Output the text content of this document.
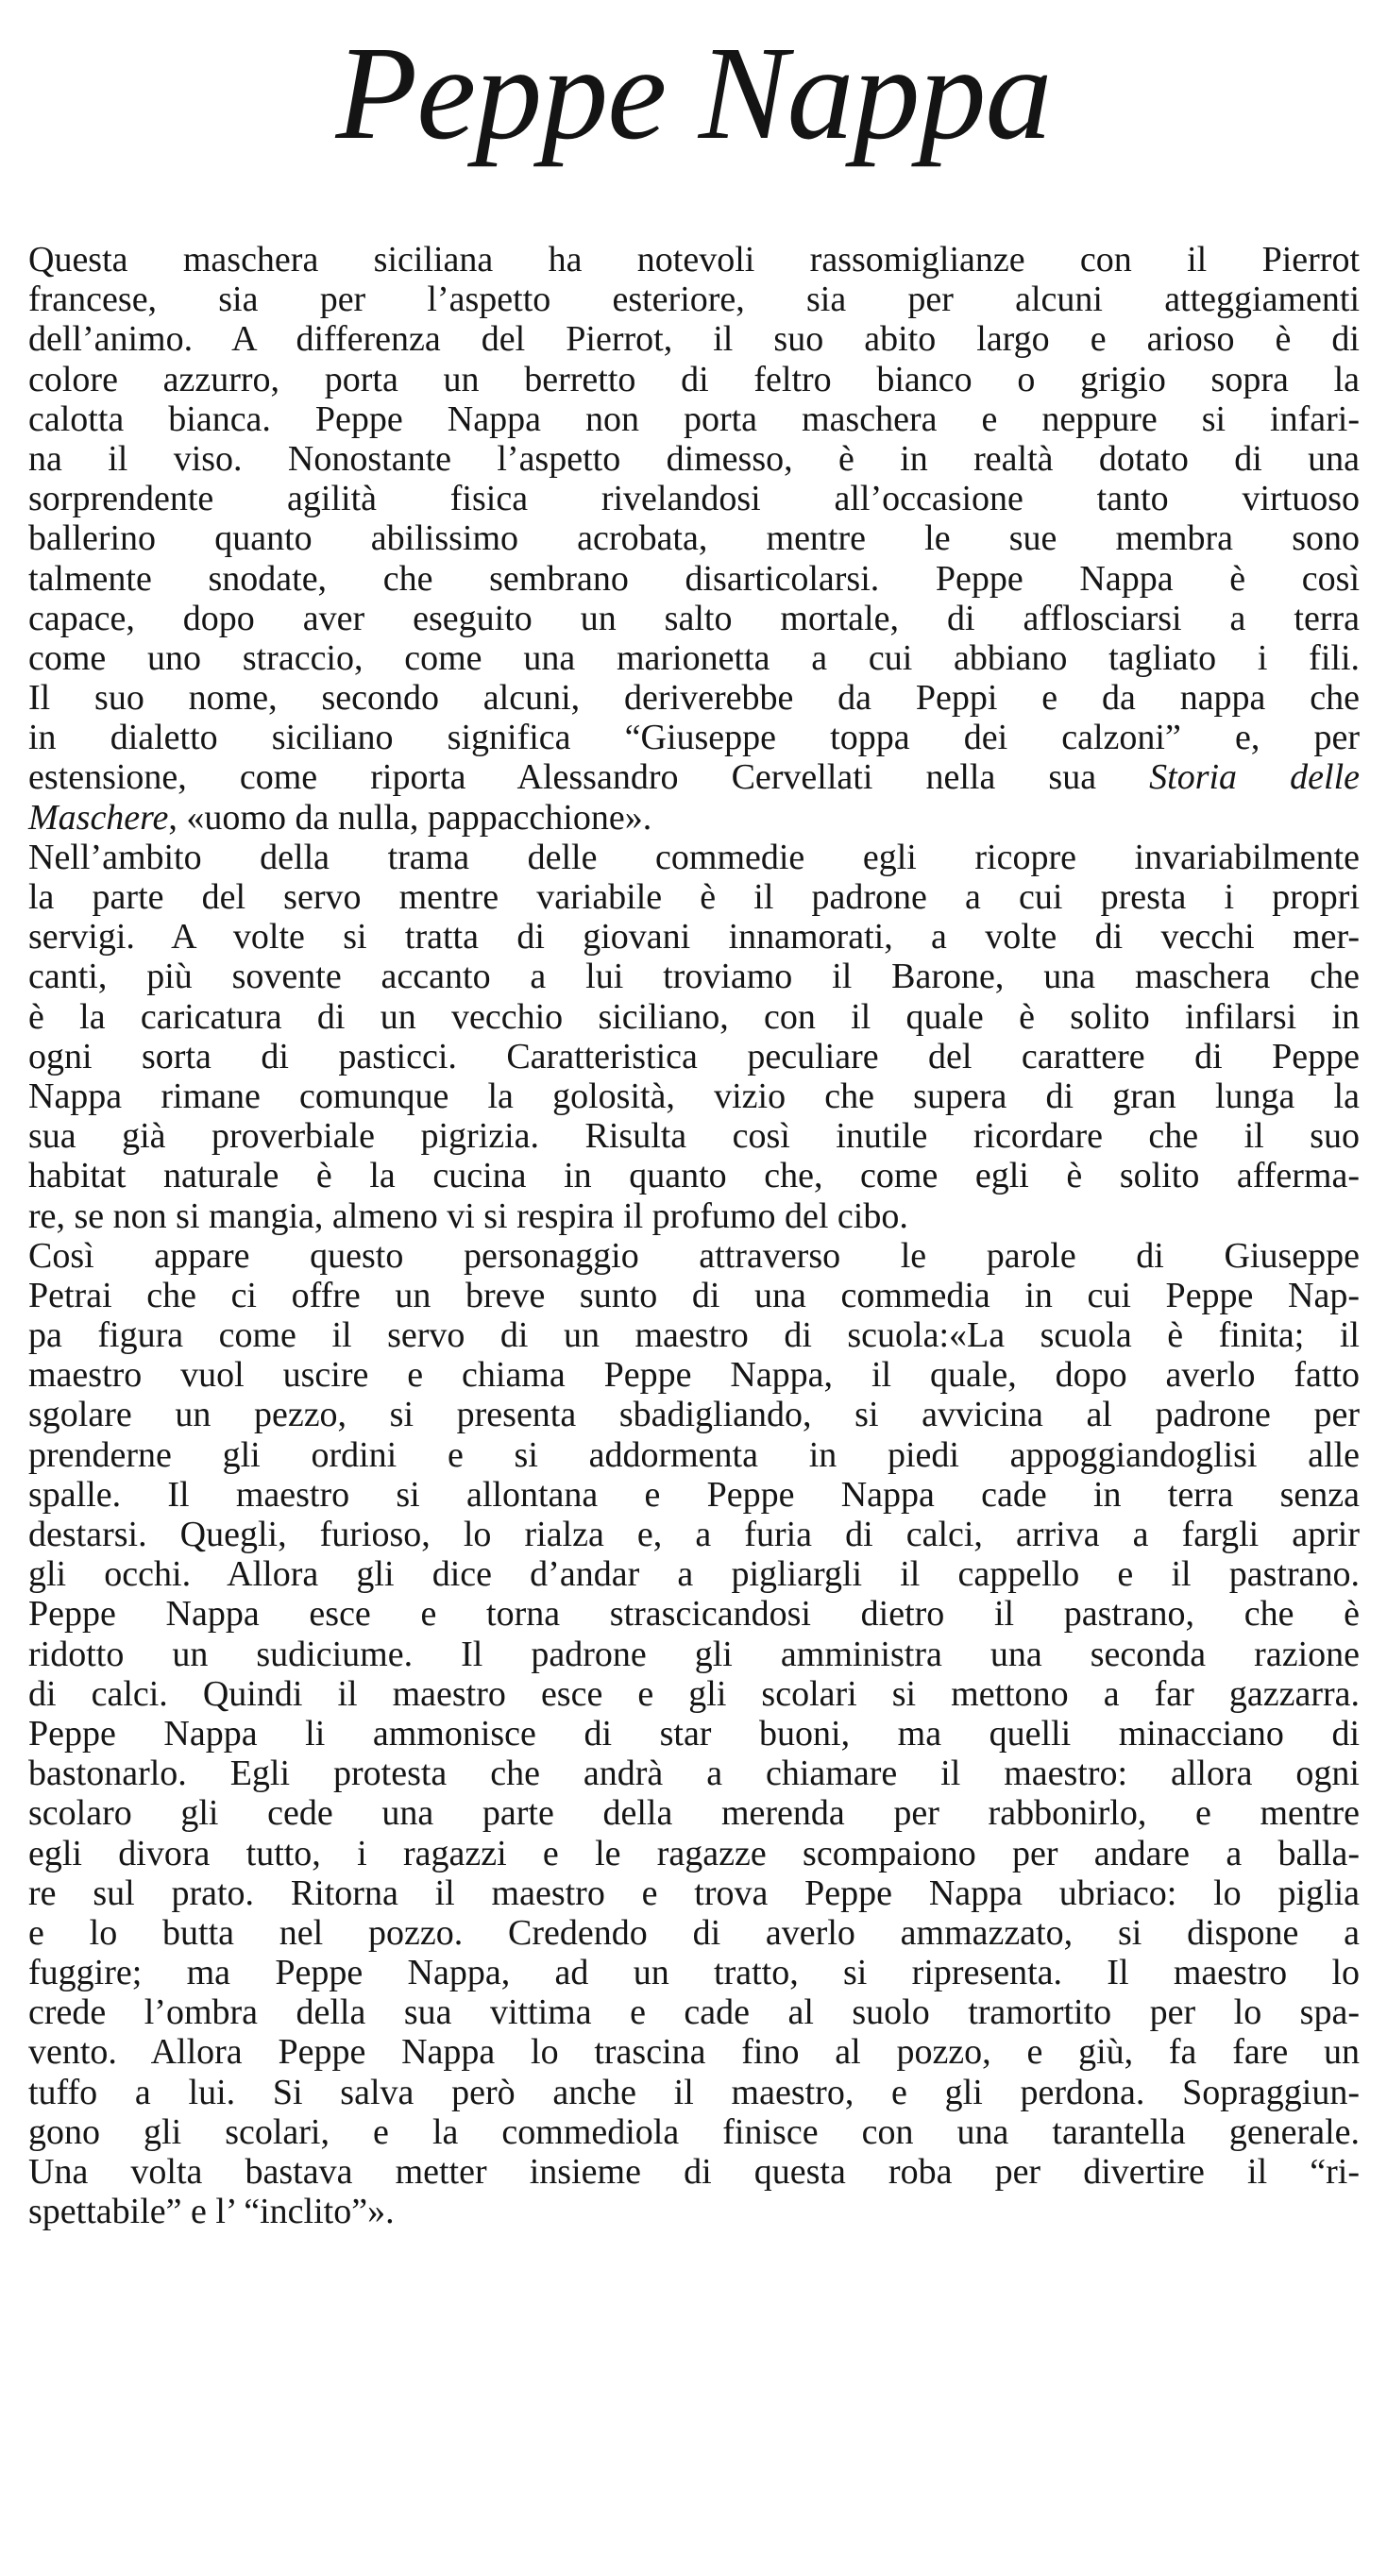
Peppe Nappa
Questa maschera siciliana ha notevoli rassomiglianze con il Pierrot
francese, sia per l’aspetto esteriore, sia per alcuni atteggiamenti
dell’animo. A differenza del Pierrot, il suo abito largo e arioso è di
colore azzurro, porta un berretto di feltro bianco o grigio sopra la
calotta bianca. Peppe Nappa non porta maschera e neppure si infari-
na il viso. Nonostante l’aspetto dimesso, è in realtà dotato di una
sorprendente agilità fisica rivelandosi all’occasione tanto virtuoso
ballerino quanto abilissimo acrobata, mentre le sue membra sono
talmente snodate, che sembrano disarticolarsi. Peppe Nappa è così
capace, dopo aver eseguito un salto mortale, di afflosciarsi a terra
come uno straccio, come una marionetta a cui abbiano tagliato i fili.
Il suo nome, secondo alcuni, deriverebbe da Peppi e da nappa che
in dialetto siciliano significa “Giuseppe toppa dei calzoni” e, per
estensione, come riporta Alessandro Cervellati nella sua Storia delle
Maschere, «uomo da nulla, pappacchione».
Nell’ambito della trama delle commedie egli ricopre invariabilmente
la parte del servo mentre variabile è il padrone a cui presta i propri
servigi. A volte si tratta di giovani innamorati, a volte di vecchi mer-
canti, più sovente accanto a lui troviamo il Barone, una maschera che
è la caricatura di un vecchio siciliano, con il quale è solito infilarsi in
ogni sorta di pasticci. Caratteristica peculiare del carattere di Peppe
Nappa rimane comunque la golosità, vizio che supera di gran lunga la
sua già proverbiale pigrizia. Risulta così inutile ricordare che il suo
habitat naturale è la cucina in quanto che, come egli è solito afferma-
re, se non si mangia, almeno vi si respira il profumo del cibo.
Così appare questo personaggio attraverso le parole di Giuseppe
Petrai che ci offre un breve sunto di una commedia in cui Peppe Nap-
pa figura come il servo di un maestro di scuola:«La scuola è finita; il
maestro vuol uscire e chiama Peppe Nappa, il quale, dopo averlo fatto
sgolare un pezzo, si presenta sbadigliando, si avvicina al padrone per
prenderne gli ordini e si addormenta in piedi appoggiandoglisi alle
spalle. Il maestro si allontana e Peppe Nappa cade in terra senza
destarsi. Quegli, furioso, lo rialza e, a furia di calci, arriva a fargli aprir
gli occhi. Allora gli dice d’andar a pigliargli il cappello e il pastrano.
Peppe Nappa esce e torna strascicandosi dietro il pastrano, che è
ridotto un sudiciume. Il padrone gli amministra una seconda razione
di calci. Quindi il maestro esce e gli scolari si mettono a far gazzarra.
Peppe Nappa li ammonisce di star buoni, ma quelli minacciano di
bastonarlo. Egli protesta che andrà a chiamare il maestro: allora ogni
scolaro gli cede una parte della merenda per rabbonirlo, e mentre
egli divora tutto, i ragazzi e le ragazze scompaiono per andare a balla-
re sul prato. Ritorna il maestro e trova Peppe Nappa ubriaco: lo piglia
e lo butta nel pozzo. Credendo di averlo ammazzato, si dispone a
fuggire; ma Peppe Nappa, ad un tratto, si ripresenta. Il maestro lo
crede l’ombra della sua vittima e cade al suolo tramortito per lo spa-
vento. Allora Peppe Nappa lo trascina fino al pozzo, e giù, fa fare un
tuffo a lui. Si salva però anche il maestro, e gli perdona. Sopraggiun-
gono gli scolari, e la commediola finisce con una tarantella generale.
Una volta bastava metter insieme di questa roba per divertire il “ri-
spettabile” e l’ “inclito”».
